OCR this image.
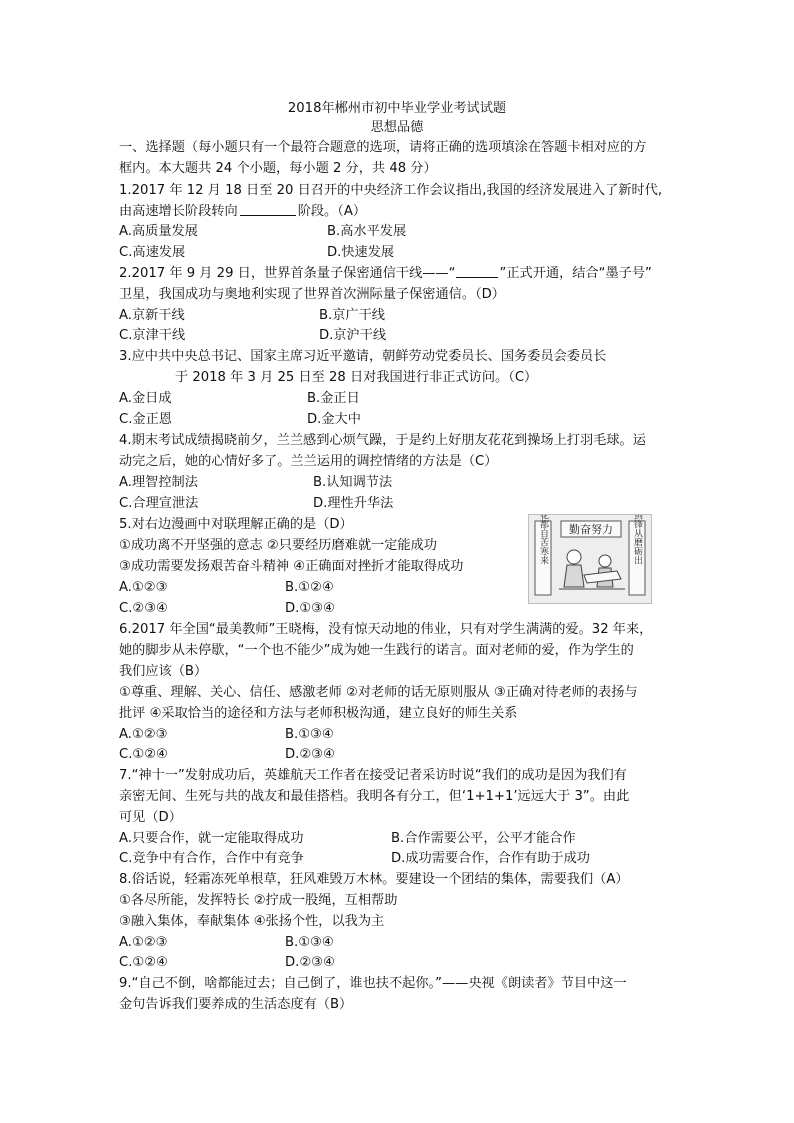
2018年郴州市初中毕业学业考试试题
思想品德
一、选择题（每小题只有一个最符合题意的选项，请将正确的选项填涂在答题卡相对应的方
框内。本大题共 24 个小题，每小题 2 分，共 48 分）
1.2017 年 12 月 18 日至 20 日召开的中央经济工作会议指出,我国的经济发展进入了新时代,
由高速增长阶段转向	阶段。（A）
A.高质量发展	B.高水平发展
C.高速发展	D.快速发展
2.2017 年 9 月 29 日，世界首条量子保密通信干线——“	”正式开通，结合“墨子号”
卫星，我国成功与奥地利实现了世界首次洲际量子保密通信。（D）
A.京新干线	B.京广干线
C.京津干线	D.京沪干线
3.应中共中央总书记、国家主席习近平邀请，朝鲜劳动党委员长、国务委员会委员长
于 2018 年 3 月 25 日至 28 日对我国进行非正式访问。（C）
A.金日成	B.金正日
C.金正恩	D.金大中
4.期末考试成绩揭晓前夕，兰兰感到心烦气躁，于是约上好朋友花花到操场上打羽毛球。运
动完之后，她的心情好多了。兰兰运用的调控情绪的方法是（C）
A.理智控制法	B.认知调节法
C.合理宣泄法	D.理性升华法
5.对右边漫画中对联理解正确的是（D）
①成功离不开坚强的意志 ②只要经历磨难就一定能成功
③成功需要发扬艰苦奋斗精神 ④正确面对挫折才能取得成功
A.①②③	B.①②④
C.②③④	D.①③④
勤奋努力
好花都自苦寒来	宝剑锋从磨砺出
6.2017 年全国“最美教师”王晓梅，没有惊天动地的伟业，只有对学生满满的爱。32 年来，
她的脚步从未停歇，“一个也不能少”成为她一生践行的诺言。面对老师的爱，作为学生的
我们应该（B）
①尊重、理解、关心、信任、感激老师 ②对老师的话无原则服从 ③正确对待老师的表扬与
批评 ④采取恰当的途径和方法与老师积极沟通，建立良好的师生关系
A.①②③	B.①③④
C.①②④	D.②③④
7.“神十一”发射成功后，英雄航天工作者在接受记者采访时说“我们的成功是因为我们有
亲密无间、生死与共的战友和最佳搭档。我明各有分工，但‘1+1+1’远远大于 3”。由此
可见（D）
A.只要合作，就一定能取得成功	B.合作需要公平，公平才能合作
C.竞争中有合作，合作中有竞争	D.成功需要合作，合作有助于成功
8.俗话说，轻霜冻死单根草，狂风难毁万木林。要建设一个团结的集体，需要我们（A）
①各尽所能，发挥特长 ②拧成一股绳，互相帮助
③融入集体，奉献集体 ④张扬个性，以我为主
A.①②③	B.①③④
C.①②④	D.②③④
9.“自己不倒，啥都能过去；自己倒了，谁也扶不起你。”——央视《朗读者》节目中这一
金句告诉我们要养成的生活态度有（B）
